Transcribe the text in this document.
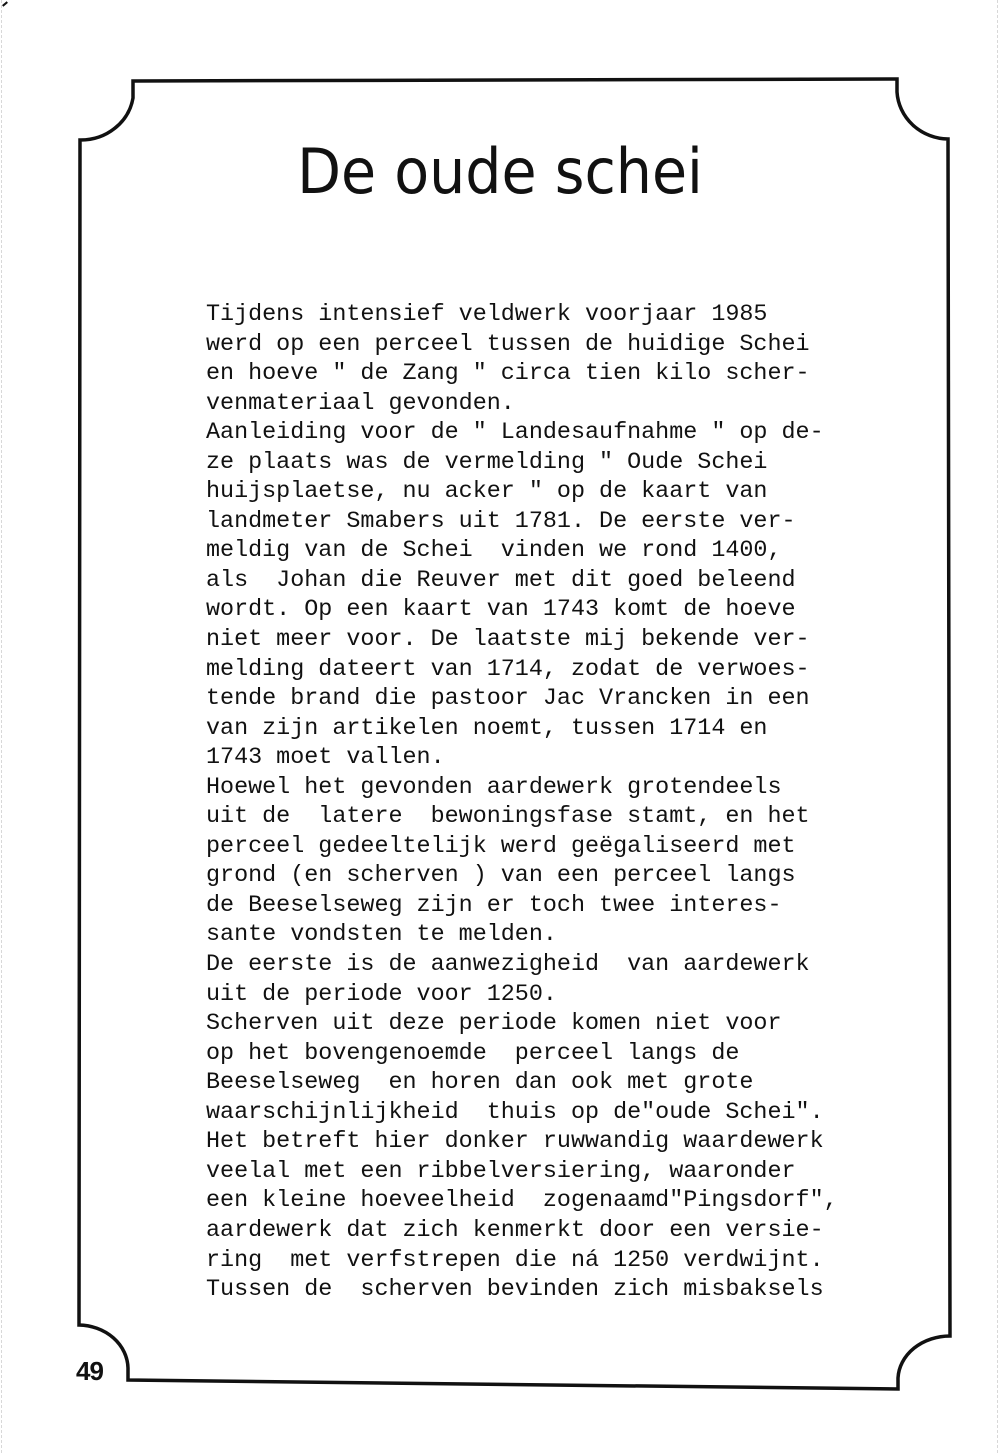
De oude schei
Tijdens intensief veldwerk voorjaar 1985
werd op een perceel tussen de huidige Schei
en hoeve " de Zang " circa tien kilo scher-
venmateriaal gevonden.
Aanleiding voor de " Landesaufnahme " op de-
ze plaats was de vermelding " Oude Schei
huijsplaetse, nu acker " op de kaart van
landmeter Smabers uit 1781. De eerste ver-
meldig van de Schei  vinden we rond 1400,
als  Johan die Reuver met dit goed beleend
wordt. Op een kaart van 1743 komt de hoeve
niet meer voor. De laatste mij bekende ver-
melding dateert van 1714, zodat de verwoes-
tende brand die pastoor Jac Vrancken in een
van zijn artikelen noemt, tussen 1714 en
1743 moet vallen.
Hoewel het gevonden aardewerk grotendeels
uit de  latere  bewoningsfase stamt, en het
perceel gedeeltelijk werd geëgaliseerd met
grond (en scherven ) van een perceel langs
de Beeselseweg zijn er toch twee interes-
sante vondsten te melden.
De eerste is de aanwezigheid  van aardewerk
uit de periode voor 1250.
Scherven uit deze periode komen niet voor
op het bovengenoemde  perceel langs de
Beeselseweg  en horen dan ook met grote
waarschijnlijkheid  thuis op de"oude Schei".
Het betreft hier donker ruwwandig waardewerk
veelal met een ribbelversiering, waaronder
een kleine hoeveelheid  zogenaamd"Pingsdorf",
aardewerk dat zich kenmerkt door een versie-
ring  met verfstrepen die ná 1250 verdwijnt.
Tussen de  scherven bevinden zich misbaksels
49
